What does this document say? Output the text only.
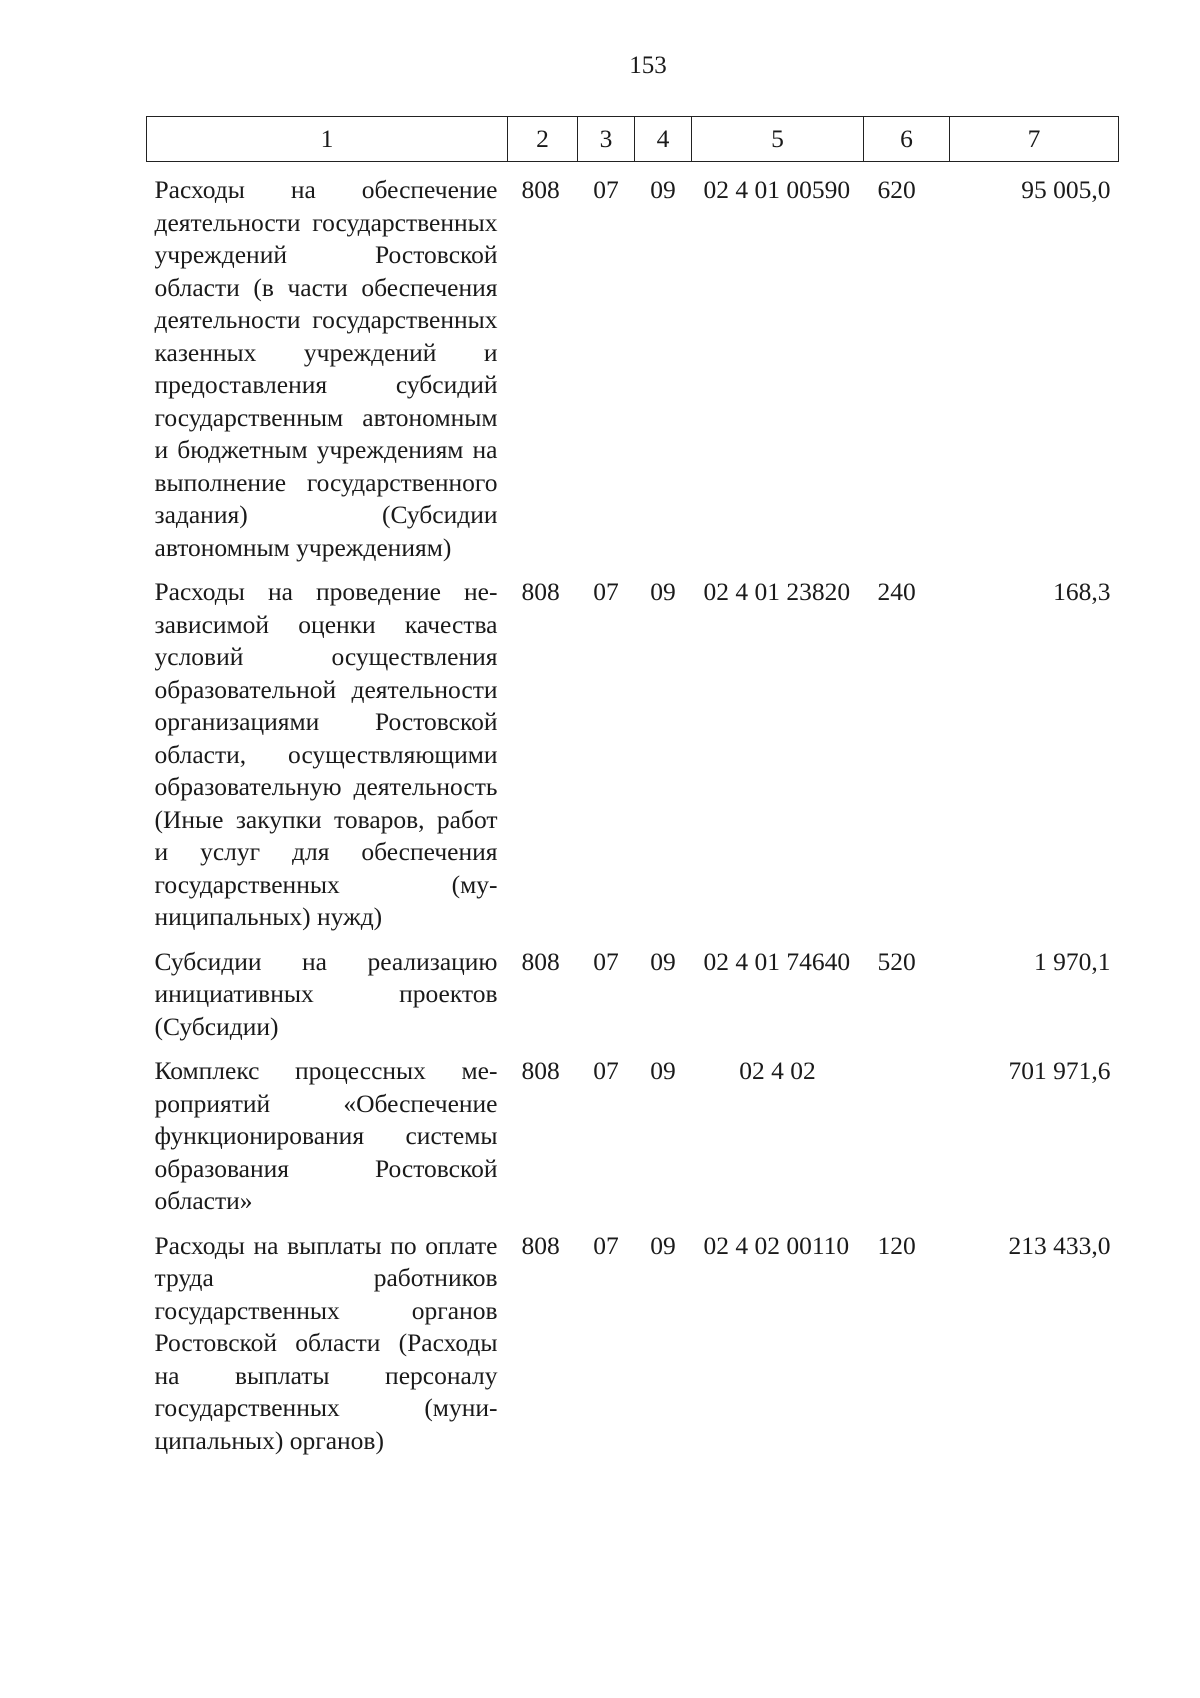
153
1	2	3	4	5	6	7
Расходы на обеспечение деятельности государственных учреждений Ростовской области (в части обеспечения деятельности государственных казенных учреждений и предоставления субсидий государственным автономным и бюджетным учреждениям на выполнение государственного задания) (Субсидии автономным учреждениям)	808	07	09	02 4 01 00590	620	95 005,0
Расходы на проведение независимой оценки качества условий осуществления образовательной деятельности организациями Ростовской области, осуществляющими образовательную деятельность (Иные закупки товаров, работ и услуг для обеспечения государственных (муниципальных) нужд)	808	07	09	02 4 01 23820	240	168,3
Субсидии на реализацию инициативных проектов (Субсидии)	808	07	09	02 4 01 74640	520	1 970,1
Комплекс процессных мероприятий «Обеспечение функционирования системы образования Ростовской области»	808	07	09	02 4 02		701 971,6
Расходы на выплаты по оплате труда работников государственных органов Ростовской области (Расходы на выплаты персоналу государственных (муниципальных) органов)	808	07	09	02 4 02 00110	120	213 433,0
